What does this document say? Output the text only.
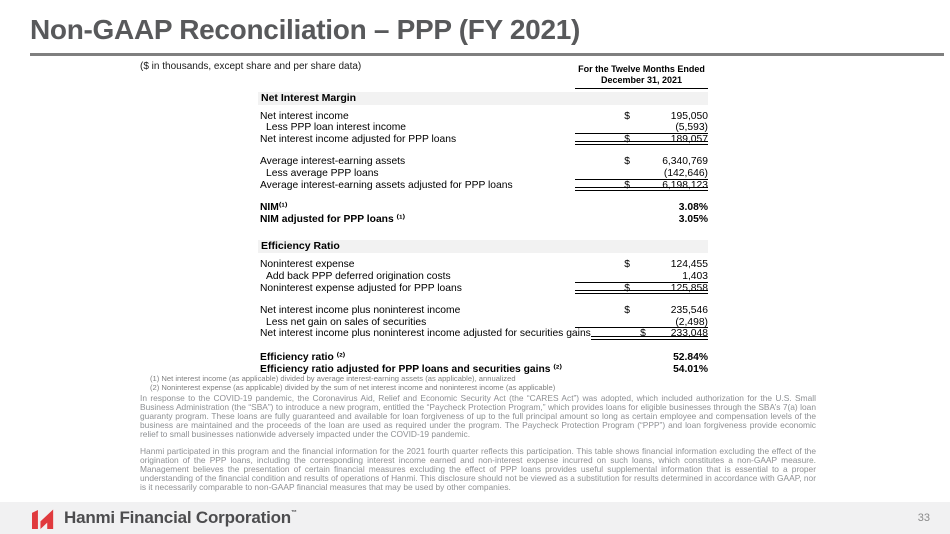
Non-GAAP Reconciliation – PPP (FY 2021)
($ in thousands, except share and per share data)	For the Twelve Months Ended
December 31, 2021
Net Interest Margin
Net interest income	$	195,050
Less PPP loan interest income	(5,593)
Net interest income adjusted for PPP loans	$	189,057
Average interest-earning assets	$	6,340,769
Less average PPP loans	(142,646)
Average interest-earning assets adjusted for PPP loans	$	6,198,123
NIM⁽¹⁾	3.08%
NIM adjusted for PPP loans ⁽¹⁾	3.05%
Efficiency Ratio
Noninterest expense	$	124,455
Add back PPP deferred origination costs	1,403
Noninterest expense adjusted for PPP loans	$	125,858
Net interest income plus noninterest income	$	235,546
Less net gain on sales of securities	(2,498)
Net interest income plus noninterest income adjusted for securities gains	$	233,048
Efficiency ratio ⁽²⁾	52.84%
Efficiency ratio adjusted for PPP loans and securities gains ⁽²⁾	54.01%
(1) Net interest income (as applicable) divided by average interest-earning assets (as applicable), annualized
(2) Noninterest expense (as applicable) divided by the sum of net interest income and noninterest income (as applicable)
In response to the COVID-19 pandemic, the Coronavirus Aid, Relief and Economic Security Act (the “CARES Act”) was adopted, which included authorization for the U.S. Small Business Administration (the “SBA”) to introduce a new program, entitled the “Paycheck Protection Program,” which provides loans for eligible businesses through the SBA’s 7(a) loan guaranty program. These loans are fully guaranteed and available for loan forgiveness of up to the full principal amount so long as certain employee and compensation levels of the business are maintained and the proceeds of the loan are used as required under the program. The Paycheck Protection Program (“PPP”) and loan forgiveness provide economic relief to small businesses nationwide adversely impacted under the COVID-19 pandemic.
Hanmi participated in this program and the financial information for the 2021 fourth quarter reflects this participation. This table shows financial information excluding the effect of the origination of the PPP loans, including the corresponding interest income earned and non-interest expense incurred on such loans, which constitutes a non-GAAP measure. Management believes the presentation of certain financial measures excluding the effect of PPP loans provides useful supplemental information that is essential to a proper understanding of the financial condition and results of operations of Hanmi. This disclosure should not be viewed as a substitution for results determined in accordance with GAAP, nor is it necessarily comparable to non-GAAP financial measures that may be used by other companies.
Hanmi Financial Corporation™	33
